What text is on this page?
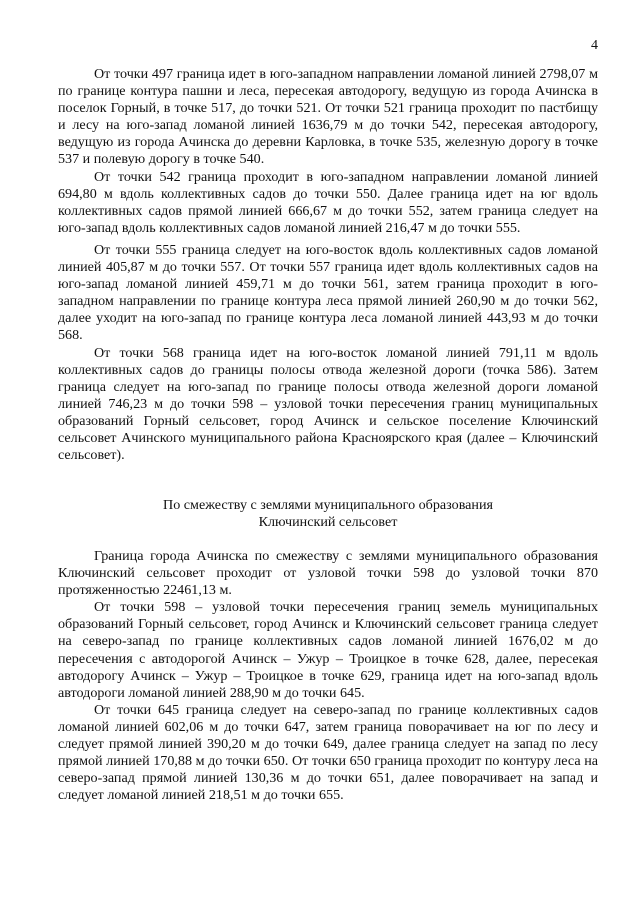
4

От точки 497 граница идет в юго-западном направлении ломаной линией 2798,07 м по границе контура пашни и леса, пересекая автодорогу, ведущую из города Ачинска в поселок Горный, в точке 517, до точки 521. От точки 521 граница проходит по пастбищу и лесу на юго-запад ломаной линией 1636,79 м до точки 542, пересекая автодорогу, ведущую из города Ачинска до деревни Карловка, в точке 535, железную дорогу в точке 537 и полевую дорогу в точке 540.

От точки 542 граница проходит в юго-западном направлении ломаной линией 694,80 м вдоль коллективных садов до точки 550. Далее граница идет на юг вдоль коллективных садов прямой линией 666,67 м до точки 552, затем граница следует на юго-запад вдоль коллективных садов ломаной линией 216,47 м до точки 555.

От точки 555 граница следует на юго-восток вдоль коллективных садов ломаной линией 405,87 м до точки 557. От точки 557 граница идет вдоль коллективных садов на юго-запад ломаной линией 459,71 м до точки 561, затем граница проходит в юго-западном направлении по границе контура леса прямой линией 260,90 м до точки 562, далее уходит на юго-запад по границе контура леса ломаной линией 443,93 м до точки 568.

От точки 568 граница идет на юго-восток ломаной линией 791,11 м вдоль коллективных садов до границы полосы отвода железной дороги (точка 586). Затем граница следует на юго-запад по границе полосы отвода железной дороги ломаной линией 746,23 м до точки 598 – узловой точки пересечения границ муниципальных образований Горный сельсовет, город Ачинск и сельское поселение Ключинский сельсовет Ачинского муниципального района Красноярского края (далее – Ключинский сельсовет).

По смежеству с землями муниципального образования
Ключинский сельсовет

Граница города Ачинска по смежеству с землями муниципального образования Ключинский сельсовет проходит от узловой точки 598 до узловой точки 870 протяженностью 22461,13 м.

От точки 598 – узловой точки пересечения границ земель муниципальных образований Горный сельсовет, город Ачинск и Ключинский сельсовет граница следует на северо-запад по границе коллективных садов ломаной линией 1676,02 м до пересечения с автодорогой Ачинск – Ужур – Троицкое в точке 628, далее, пересекая автодорогу Ачинск – Ужур – Троицкое в точке 629, граница идет на юго-запад вдоль автодороги ломаной линией 288,90 м до точки 645.

От точки 645 граница следует на северо-запад по границе коллективных садов ломаной линией 602,06 м до точки 647, затем граница поворачивает на юг по лесу и следует прямой линией 390,20 м до точки 649, далее граница следует на запад по лесу прямой линией 170,88 м до точки 650. От точки 650 граница проходит по контуру леса на северо-запад прямой линией 130,36 м до точки 651, далее поворачивает на запад и следует ломаной линией 218,51 м до точки 655.
